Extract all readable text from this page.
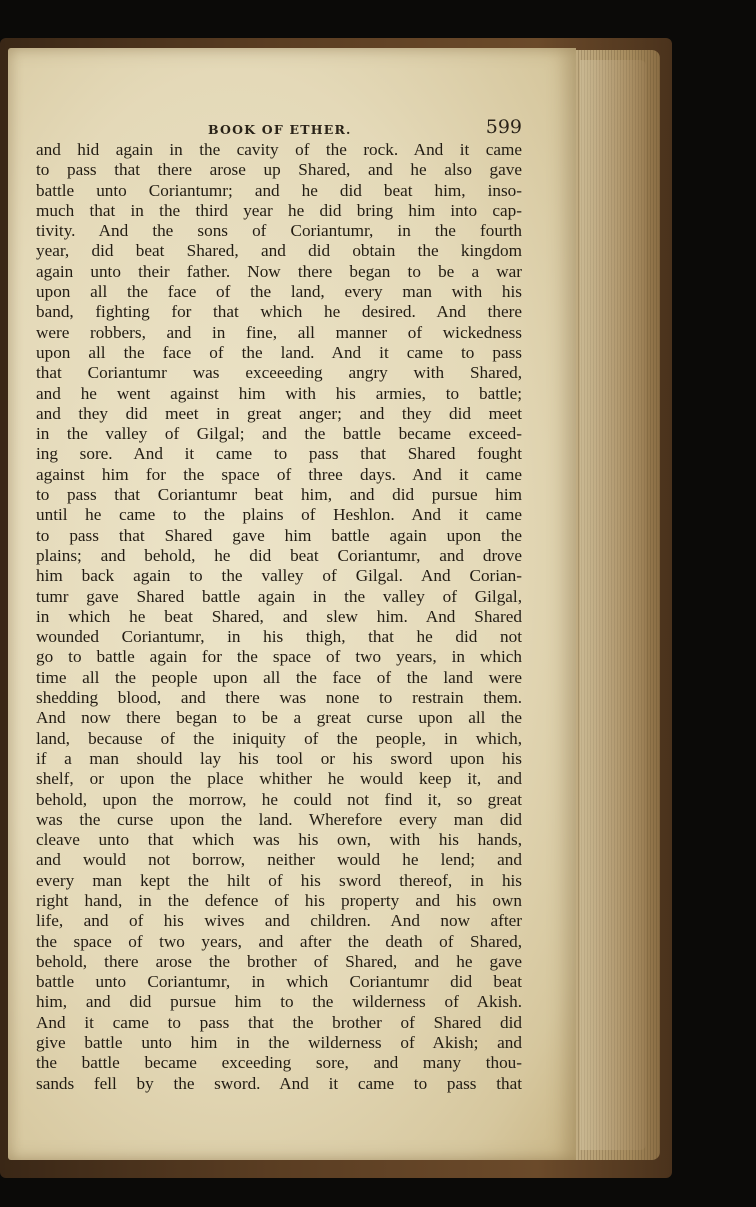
BOOK OF ETHER.	599
and hid again in the cavity of the rock. And it came
to pass that there arose up Shared, and he also gave
battle unto Coriantumr; and he did beat him, inso-
much that in the third year he did bring him into cap-
tivity. And the sons of Coriantumr, in the fourth
year, did beat Shared, and did obtain the kingdom
again unto their father. Now there began to be a war
upon all the face of the land, every man with his
band, fighting for that which he desired. And there
were robbers, and in fine, all manner of wickedness
upon all the face of the land. And it came to pass
that Coriantumr was exceeeding angry with Shared,
and he went against him with his armies, to battle;
and they did meet in great anger; and they did meet
in the valley of Gilgal; and the battle became exceed-
ing sore. And it came to pass that Shared fought
against him for the space of three days. And it came
to pass that Coriantumr beat him, and did pursue him
until he came to the plains of Heshlon. And it came
to pass that Shared gave him battle again upon the
plains; and behold, he did beat Coriantumr, and drove
him back again to the valley of Gilgal. And Corian-
tumr gave Shared battle again in the valley of Gilgal,
in which he beat Shared, and slew him. And Shared
wounded Coriantumr, in his thigh, that he did not
go to battle again for the space of two years, in which
time all the people upon all the face of the land were
shedding blood, and there was none to restrain them.
And now there began to be a great curse upon all the
land, because of the iniquity of the people, in which,
if a man should lay his tool or his sword upon his
shelf, or upon the place whither he would keep it, and
behold, upon the morrow, he could not find it, so great
was the curse upon the land. Wherefore every man did
cleave unto that which was his own, with his hands,
and would not borrow, neither would he lend; and
every man kept the hilt of his sword thereof, in his
right hand, in the defence of his property and his own
life, and of his wives and children. And now after
the space of two years, and after the death of Shared,
behold, there arose the brother of Shared, and he gave
battle unto Coriantumr, in which Coriantumr did beat
him, and did pursue him to the wilderness of Akish.
And it came to pass that the brother of Shared did
give battle unto him in the wilderness of Akish; and
the battle became exceeding sore, and many thou-
sands fell by the sword. And it came to pass that
